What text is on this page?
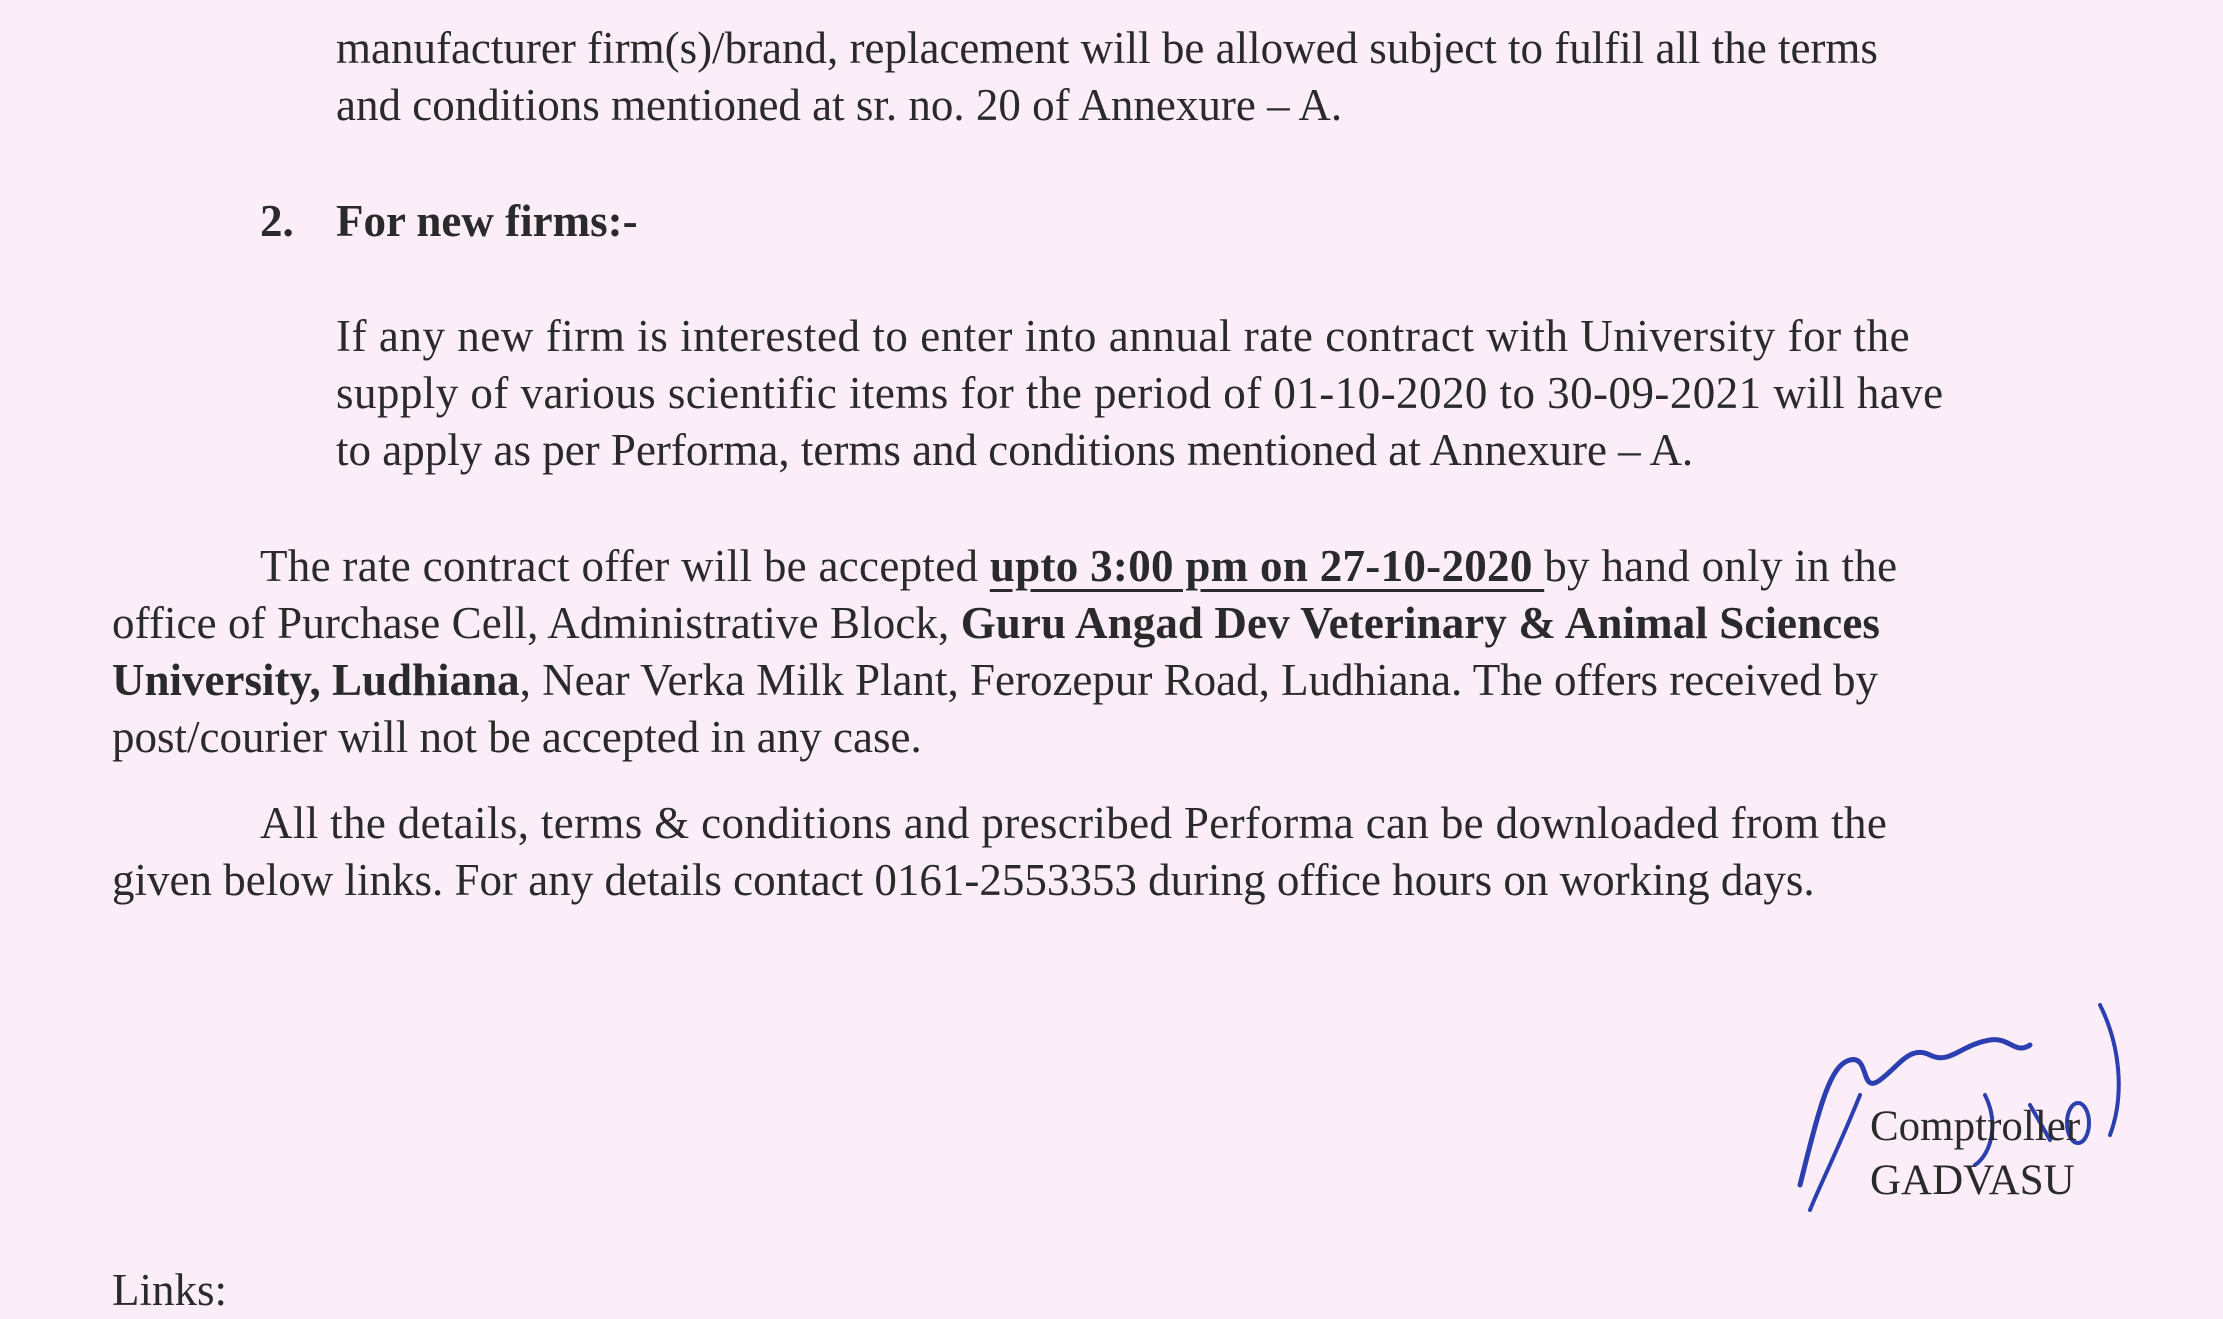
manufacturer firm(s)/brand, replacement will be allowed subject to fulfil all the terms
and conditions mentioned at sr. no. 20 of Annexure – A.
2. For new firms:-
If any new firm is interested to enter into annual rate contract with University for the
supply of various scientific items for the period of 01-10-2020 to 30-09-2021 will have
to apply as per Performa, terms and conditions mentioned at Annexure – A.
The rate contract offer will be accepted upto 3:00 pm on 27-10-2020 by hand only in the
office of Purchase Cell, Administrative Block, Guru Angad Dev Veterinary & Animal Sciences
University, Ludhiana, Near Verka Milk Plant, Ferozepur Road, Ludhiana. The offers received by
post/courier will not be accepted in any case.
All the details, terms & conditions and prescribed Performa can be downloaded from the
given below links. For any details contact 0161-2553353 during office hours on working days.
Comptroller
GADVASU
Links:
